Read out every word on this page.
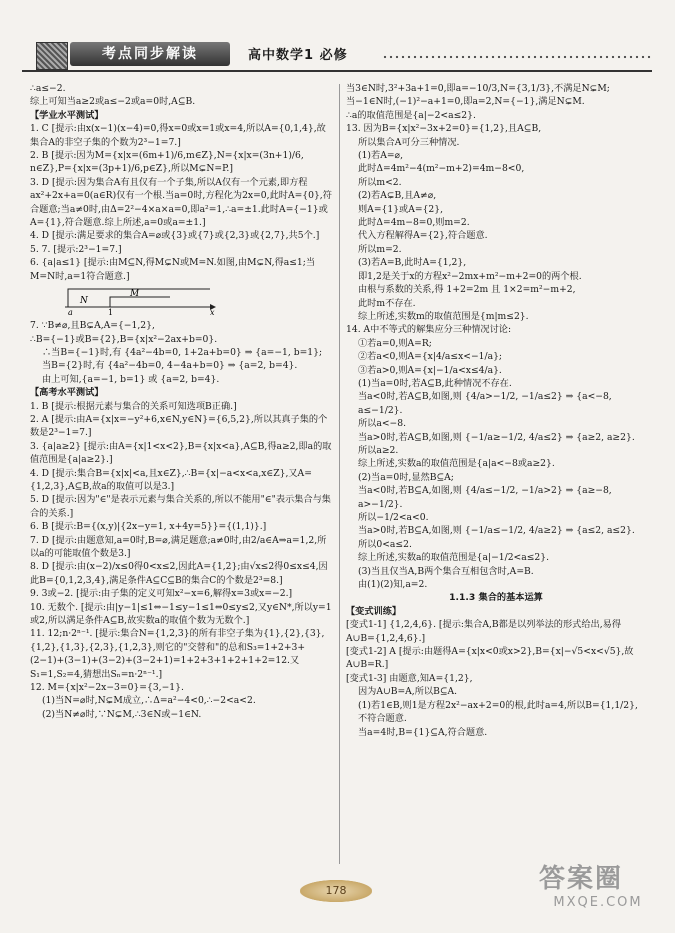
考点同步解读	高中数学1 必修

∴a≤−2.

综上可知当a≥2或a≤−2或a=0时,A⊆B.

【学业水平测试】

1. C [提示:由x(x−1)(x−4)=0,得x=0或x=1或x=4,所以A={0,1,4},故集合A的非空子集的个数为2³−1=7.]

2. B [提示:因为M={x|x=(6m+1)/6,m∈Z},N={x|x=(3n+1)/6,

n∈Z},P={x|x=(3p+1)/6,p∈Z},所以M⊊N=P.]

3. D [提示:因为集合A有且仅有一个子集,所以A仅有一个元素,即方程ax²+2x+a=0(a∈R)仅有一个根.当a=0时,方程化为2x=0,此时A={0},符合题意;当a≠0时,由Δ=2²−4×a×a=0,即a²=1,∴a=±1.此时A={−1}或A={1},符合题意.综上所述,a=0或a=±1.]

4. D [提示:满足要求的集合A=⌀或{3}或{7}或{2,3}或{2,7},共5个.]

5. 7. [提示:2³−1=7.]

6. {a|a≤1} [提示:由M⊆N,得M⊊N或M=N.如图,由M⊊N,得a≤1;当M=N时,a=1符合题意.]

N
M
a	1	x

7. ∵B≠⌀,且B⊊A,A={−1,2},

∴B={−1}或B={2},B={x|x²−2ax+b=0}.

∴当B={−1}时,有 {4a²−4b=0, 1+2a+b=0} ⇒ {a=−1, b=1};

当B={2}时,有 {4a²−4b=0, 4−4a+b=0} ⇒ {a=2, b=4}.

由上可知,{a=−1, b=1} 或 {a=2, b=4}.

【高考水平测试】

1. B [提示:根据元素与集合的关系可知选项B正确.]

2. A [提示:由A={x|x=−y²+6,x∈N,y∈N}={6,5,2},所以其真子集的个数是2³−1=7.]

3. {a|a≥2} [提示:由A={x|1<x<2},B={x|x<a},A⊆B,得a≥2,即a的取值范围是{a|a≥2}.]

4. D [提示:集合B={x|x|<a,且x∈Z},∴B={x|−a<x<a,x∈Z},又A={1,2,3},A⊆B,故a的取值可以是3.]

5. D [提示:因为"∈"是表示元素与集合关系的,所以不能用"∈"表示集合与集合的关系.]

6. B [提示:B={(x,y)|{2x−y=1, x+4y=5}}={(1,1)}.]

7. D [提示:由题意知,a=0时,B=⌀,满足题意;a≠0时,由2/a∈A⇒a=1,2,所以a的可能取值个数是3.]

8. D [提示:由(x−2)/x≤0得0<x≤2,因此A={1,2};由√x≤2得0≤x≤4,因此B={0,1,2,3,4},满足条件A⊆C⊆B的集合C的个数是2³=8.]

9. 3或−2. [提示:由子集的定义可知x²−x=6,解得x=3或x=−2.]

10. 无数个. [提示:由|y−1|≤1⇔−1≤y−1≤1⇔0≤y≤2,又y∈N*,所以y=1或2,所以满足条件A⊆B,故实数a的取值个数为无数个.]

11. 12;n·2ⁿ⁻¹. [提示:集合N={1,2,3}的所有非空子集为{1},{2},{3},{1,2},{1,3},{2,3},{1,2,3},则它的"交替和"的总和S₃=1+2+3+(2−1)+(3−1)+(3−2)+(3−2+1)=1+2+3+1+2+1+2=12.又S₁=1,S₂=4,猜想出Sₙ=n·2ⁿ⁻¹.]

12. M={x|x²−2x−3=0}={3,−1}.

(1)当N=⌀时,N⊊M成立,∴Δ=a²−4<0,∴−2<a<2.

(2)当N≠⌀时,∵N⊊M,∴3∈N或−1∈N.

当3∈N时,3²+3a+1=0,即a=−10/3,N={3,1/3},不满足N⊊M;

当−1∈N时,(−1)²−a+1=0,即a=2,N={−1},满足N⊊M.

∴a的取值范围是{a|−2<a≤2}.

13. 因为B={x|x²−3x+2=0}={1,2},且A⊆B,

所以集合A可分三种情况.

(1)若A=⌀,

此时Δ=4m²−4(m²−m+2)=4m−8<0,

所以m<2.

(2)若A⊊B,且A≠⌀,

则A={1}或A={2},

此时Δ=4m−8=0,则m=2.

代入方程解得A={2},符合题意.

所以m=2.

(3)若A=B,此时A={1,2},

即1,2是关于x的方程x²−2mx+m²−m+2=0的两个根.

由根与系数的关系,得 1+2=2m 且 1×2=m²−m+2,

此时m不存在.

综上所述,实数m的取值范围是{m|m≤2}.

14. A中不等式的解集应分三种情况讨论:

①若a=0,则A=R;

②若a<0,则A={x|4/a≤x<−1/a};

③若a>0,则A={x|−1/a<x≤4/a}.

(1)当a=0时,若A⊆B,此种情况不存在.

当a<0时,若A⊆B,如图,则 {4/a>−1/2, −1/a≤2} ⇒ {a<−8, a≤−1/2}.

所以a<−8.

当a>0时,若A⊆B,如图,则 {−1/a≥−1/2, 4/a≤2} ⇒ {a≥2, a≥2}.

所以a≥2.

综上所述,实数a的取值范围是{a|a<−8或a≥2}.

(2)当a=0时,显然B⊆A;

当a<0时,若B⊆A,如图,则 {4/a≤−1/2, −1/a>2} ⇒ {a≥−8, a>−1/2}.

所以−1/2<a<0.

当a>0时,若B⊆A,如图,则 {−1/a≤−1/2, 4/a≥2} ⇒ {a≤2, a≤2}.

所以0<a≤2.

综上所述,实数a的取值范围是{a|−1/2<a≤2}.

(3)当且仅当A,B两个集合互相包含时,A=B.

由(1)(2)知,a=2.

1.1.3 集合的基本运算

【变式训练】

[变式1-1] {1,2,4,6}. [提示:集合A,B都是以列举法的形式给出,易得A∪B={1,2,4,6}.]

[变式1-2] A [提示:由题得A={x|x<0或x>2},B={x|−√5<x<√5},故A∪B=R.]

[变式1-3] 由题意,知A={1,2},

因为A∪B=A,所以B⊆A.

(1)若1∈B,则1是方程2x²−ax+2=0的根,此时a=4,所以B={1,1/2},不符合题意.

当a=4时,B={1}⊆A,符合题意.

178	答案圈
MXQE.COM
